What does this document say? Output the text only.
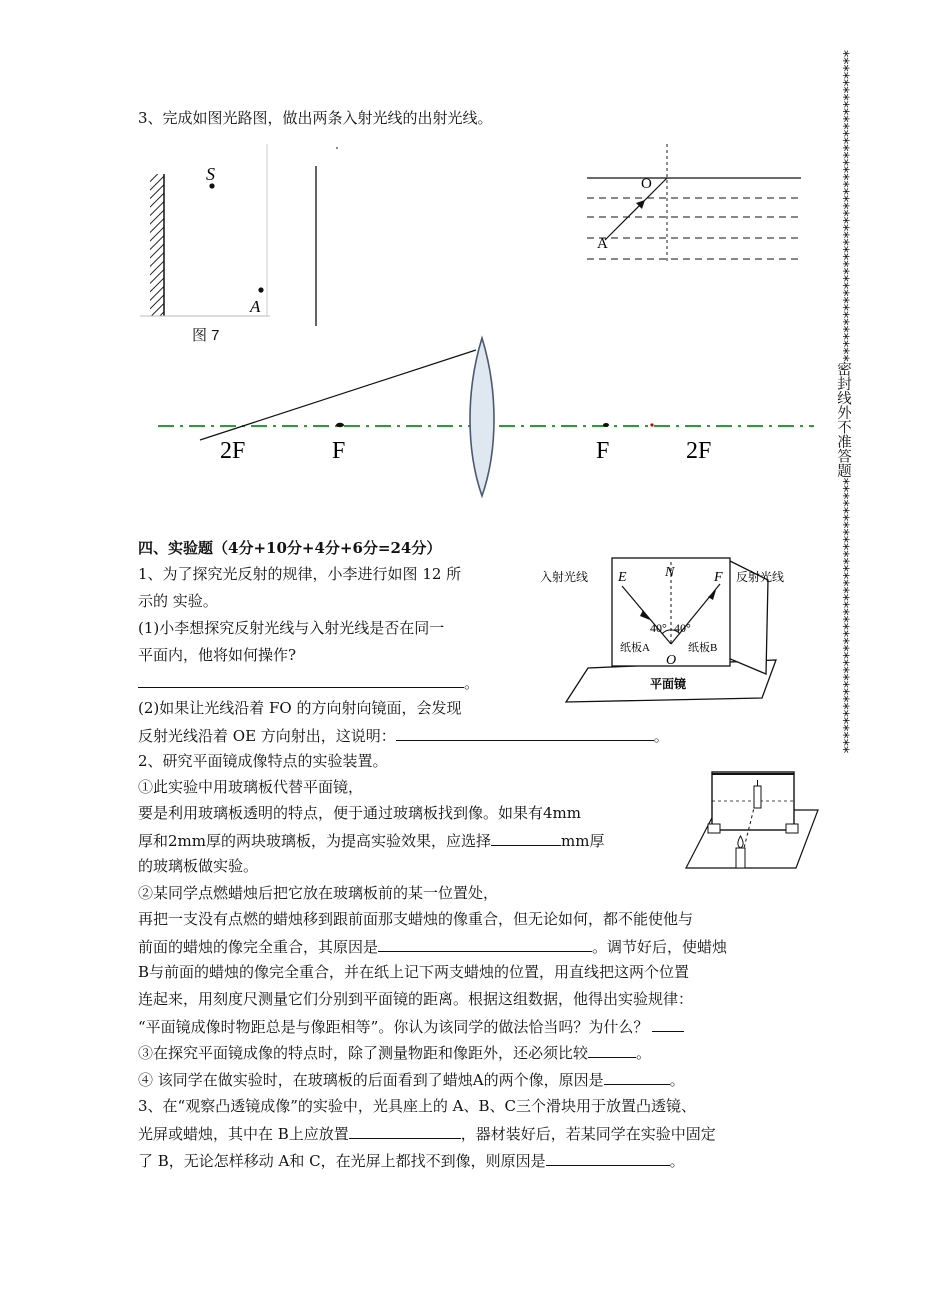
3、完成如图光路图，做出两条入射光线的出射光线。
S
A
图 7
O
A
2F	F	F	2F
四、实验题（4分+10分+4分+6分=24分）
1、为了探究光反射的规律，小李进行如图 12 所
示的 实验。
(1)小李想探究反射光线与入射光线是否在同一
平面内，他将如何操作?
。
(2)如果让光线沿着 FO 的方向射向镜面，会发现
反射光线沿着 OE 方向射出，这说明：	。
入射光线	反射光线
E	N	F
40° 40°
纸板A	纸板B
O
平面镜
2、研究平面镜成像特点的实验装置。
①此实验中用玻璃板代替平面镜，
要是利用玻璃板透明的特点，便于通过玻璃板找到像。如果有4mm
厚和2mm厚的两块玻璃板，为提高实验效果，应选择	mm厚
的玻璃板做实验。
②某同学点燃蜡烛后把它放在玻璃板前的某一位置处，
再把一支没有点燃的蜡烛移到跟前面那支蜡烛的像重合，但无论如何，都不能使他与
前面的蜡烛的像完全重合，其原因是	。调节好后，使蜡烛
B与前面的蜡烛的像完全重合，并在纸上记下两支蜡烛的位置，用直线把这两个位置
连起来，用刻度尺测量它们分别到平面镜的距离。根据这组数据，他得出实验规律：
“平面镜成像时物距总是与像距相等”。你认为该同学的做法恰当吗？为什么？
③在探究平面镜成像的特点时，除了测量物距和像距外，还必须比较	。
④ 该同学在做实验时，在玻璃板的后面看到了蜡烛A的两个像，原因是	。
3、在“观察凸透镜成像”的实验中，光具座上的 A、B、C三个滑块用于放置凸透镜、
光屏或蜡烛，其中在 B上应放置	，器材装好后，若某同学在实验中固定
了 B，无论怎样移动 A和 C，在光屏上都找不到像，则原因是	。
*******************************************密封线外不准答题**************************************
